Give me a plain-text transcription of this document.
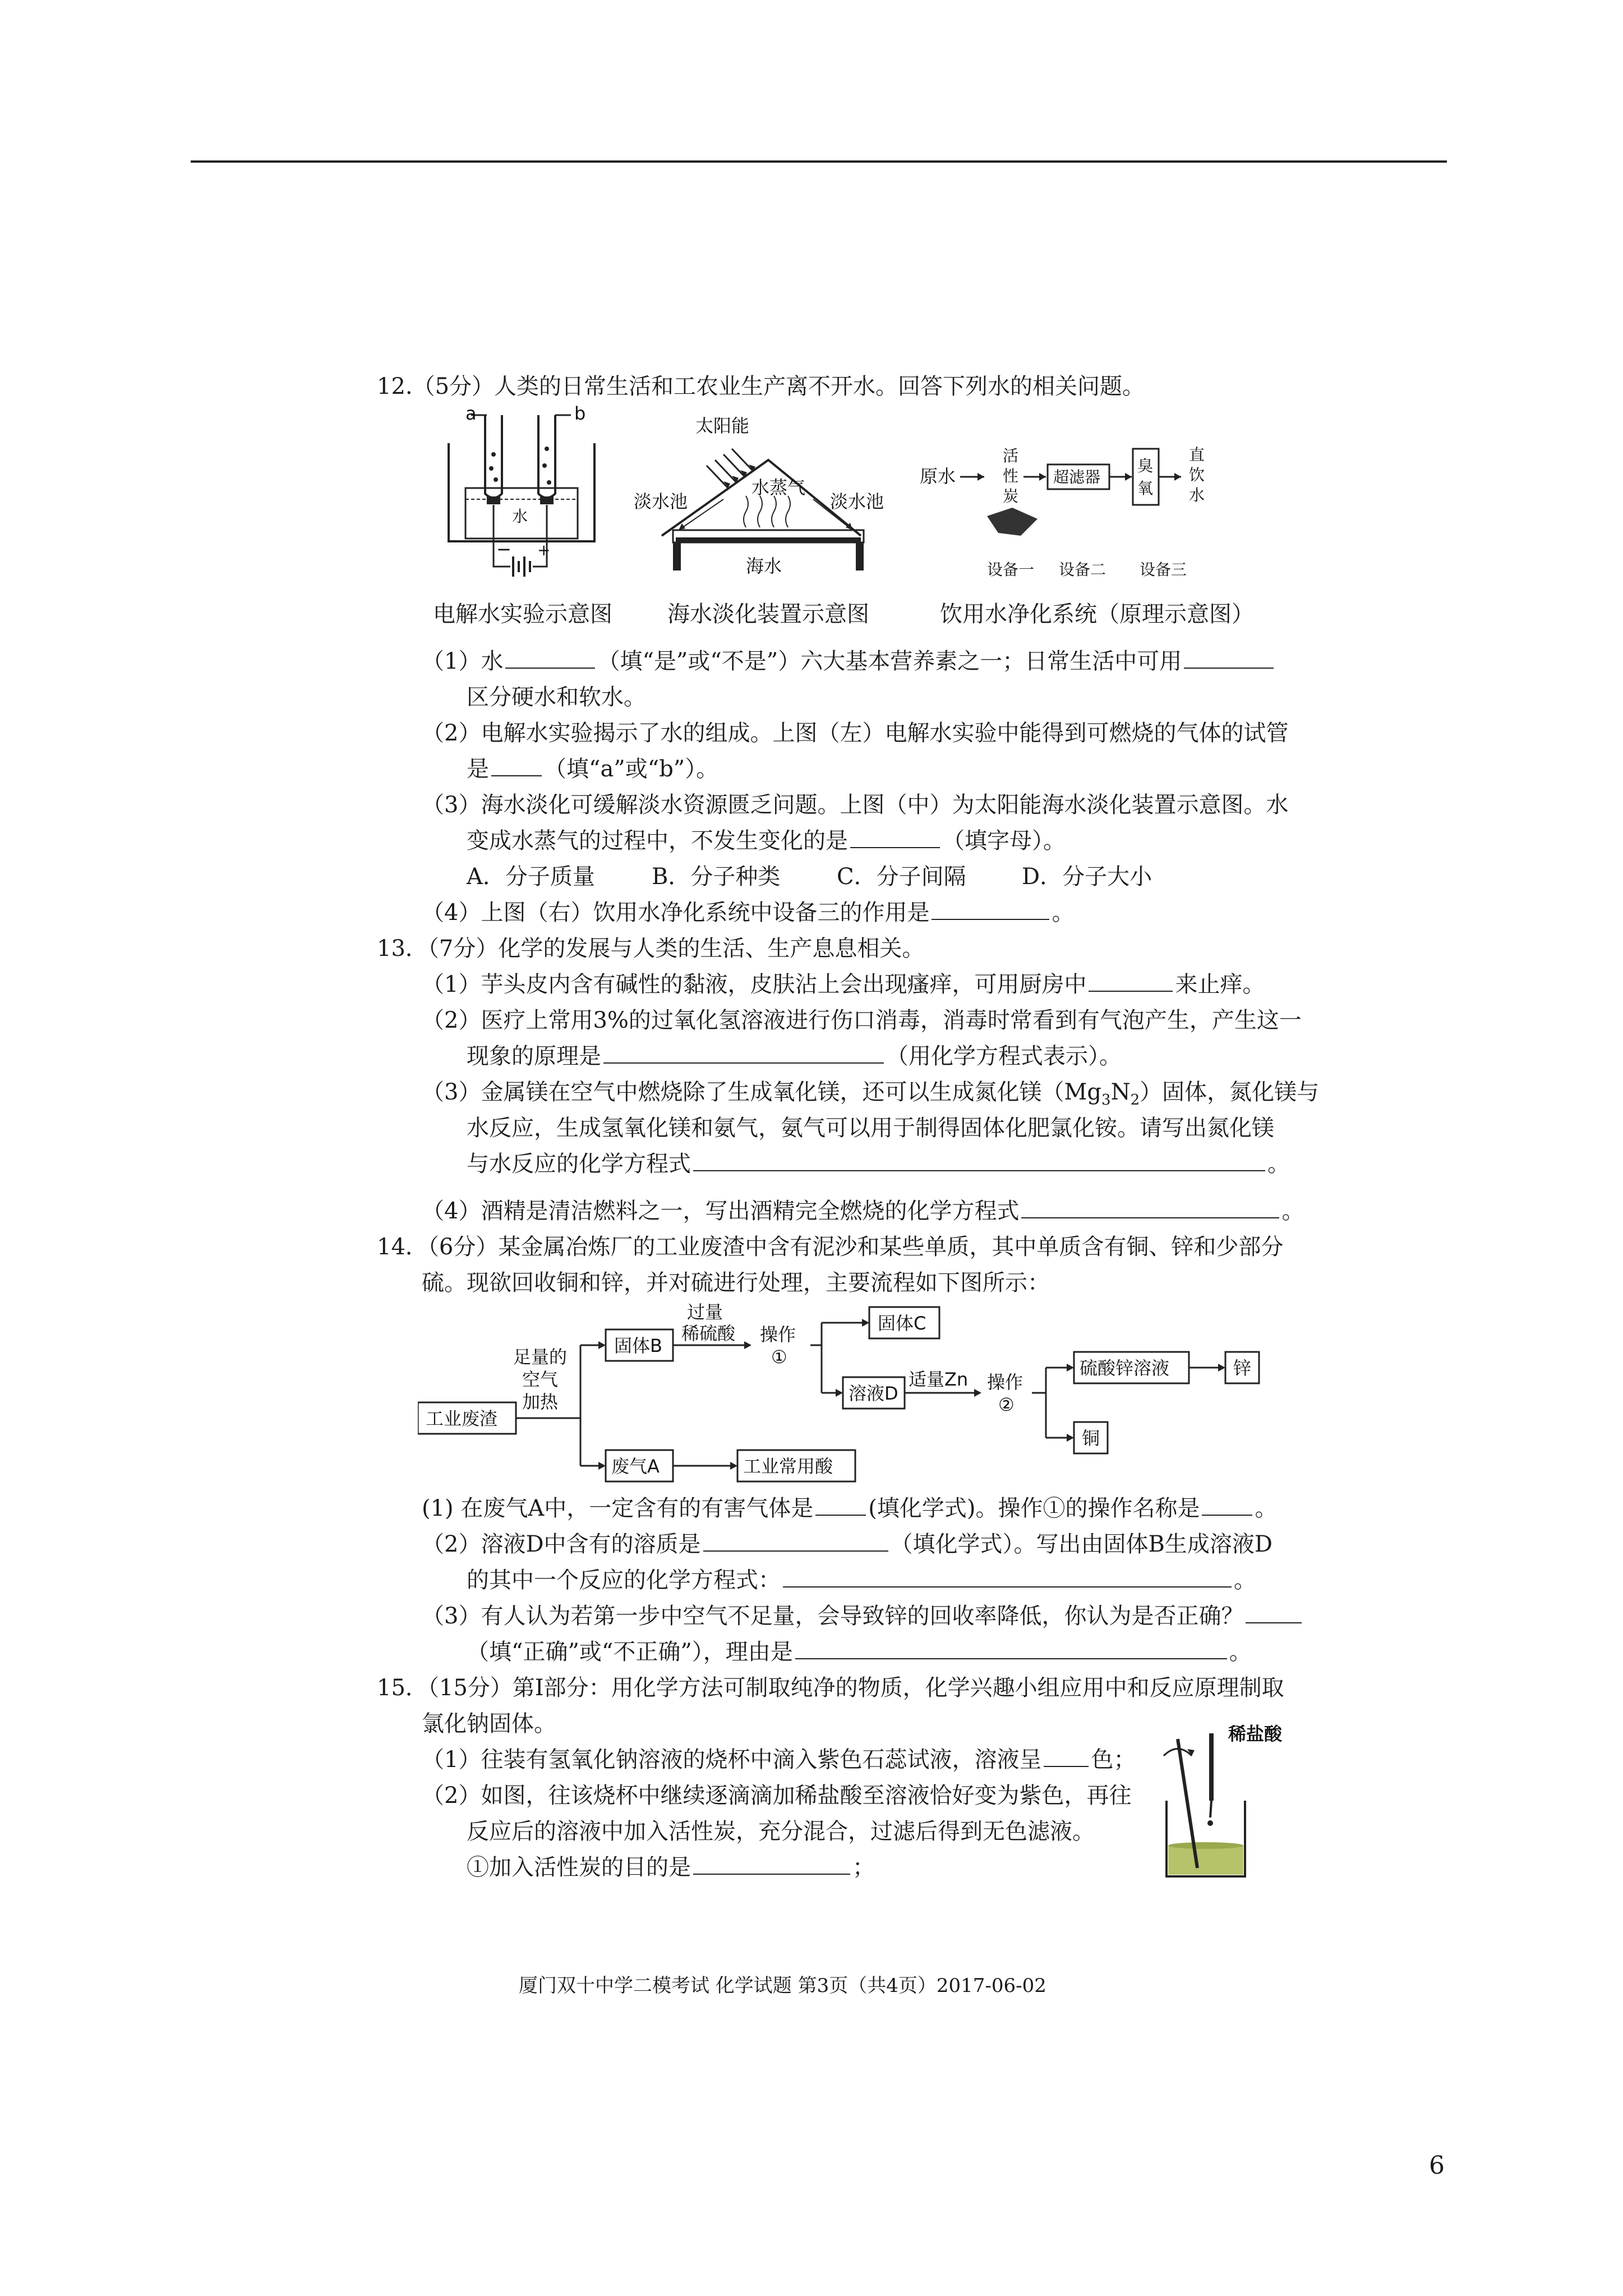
12.（5分）人类的日常生活和工农业生产离不开水。回答下列水的相关问题。
a	b
水
− +
太阳能
水蒸气
淡水池	淡水池
海水
原水
活
性
炭
超滤器
臭
氧
直
饮
水
设备一 设备二 设备三
电解水实验示意图 海水淡化装置示意图	饮用水净化系统（原理示意图）
（1）水	（填“是”或“不是”）六大基本营养素之一；日常生活中可用
区分硬水和软水。
（2）电解水实验揭示了水的组成。上图（左）电解水实验中能得到可燃烧的气体的试管
是 （填“a”或“b”）。
（3）海水淡化可缓解淡水资源匮乏问题。上图（中）为太阳能海水淡化装置示意图。水
变成水蒸气的过程中，不发生变化的是	（填字母）。
A．分子质量	B．分子种类	C．分子间隔 D．分子大小
（4）上图（右）饮用水净化系统中设备三的作用是	。
13．（7分）化学的发展与人类的生活、生产息息相关。
（1）芋头皮内含有碱性的黏液，皮肤沾上会出现瘙痒，可用厨房中	来止痒。
（2）医疗上常用3%的过氧化氢溶液进行伤口消毒，消毒时常看到有气泡产生，产生这一
现象的原理是	（用化学方程式表示）。
（3）金属镁在空气中燃烧除了生成氧化镁，还可以生成氮化镁$(Mg_3N_2)$固体，氮化镁与
水反应，生成氢氧化镁和氨气，氨气可以用于制得固体化肥氯化铵。请写出氮化镁
与水反应的化学方程式	。
（4）酒精是清洁燃料之一，写出酒精完全燃烧的化学方程式	。
14．（6分）某金属冶炼厂的工业废渣中含有泥沙和某些单质，其中单质含有铜、锌和少部分
硫。现欲回收铜和锌，并对硫进行处理，主要流程如下图所示：
工业废渣
足量的
空气
加热
固体B
过量
稀硫酸 操作
①
固体C
溶液D
适量Zn 操作
②
硫酸锌溶液	锌
铜
废气A	工业常用酸
(1) 在废气A中，一定含有的有害气体是 (填化学式)。操作①的操作名称是 。
（2）溶液D中含有的溶质是	（填化学式）。写出由固体B生成溶液D
的其中一个反应的化学方程式：	。
（3）有人认为若第一步中空气不足量，会导致锌的回收率降低，你认为是否正确？
（填“正确”或“不正确”），理由是	。
15．（15分）第Ⅰ部分：用化学方法可制取纯净的物质，化学兴趣小组应用中和反应原理制取
氯化钠固体。
（1）往装有氢氧化钠溶液的烧杯中滴入紫色石蕊试液，溶液呈 色；
（2）如图，往该烧杯中继续逐滴滴加稀盐酸至溶液恰好变为紫色，再往
反应后的溶液中加入活性炭，充分混合，过滤后得到无色滤液。
①加入活性炭的目的是	；
稀盐酸
厦门双十中学二模考试 化学试题 第3页（共4页）2017-06-02
6
